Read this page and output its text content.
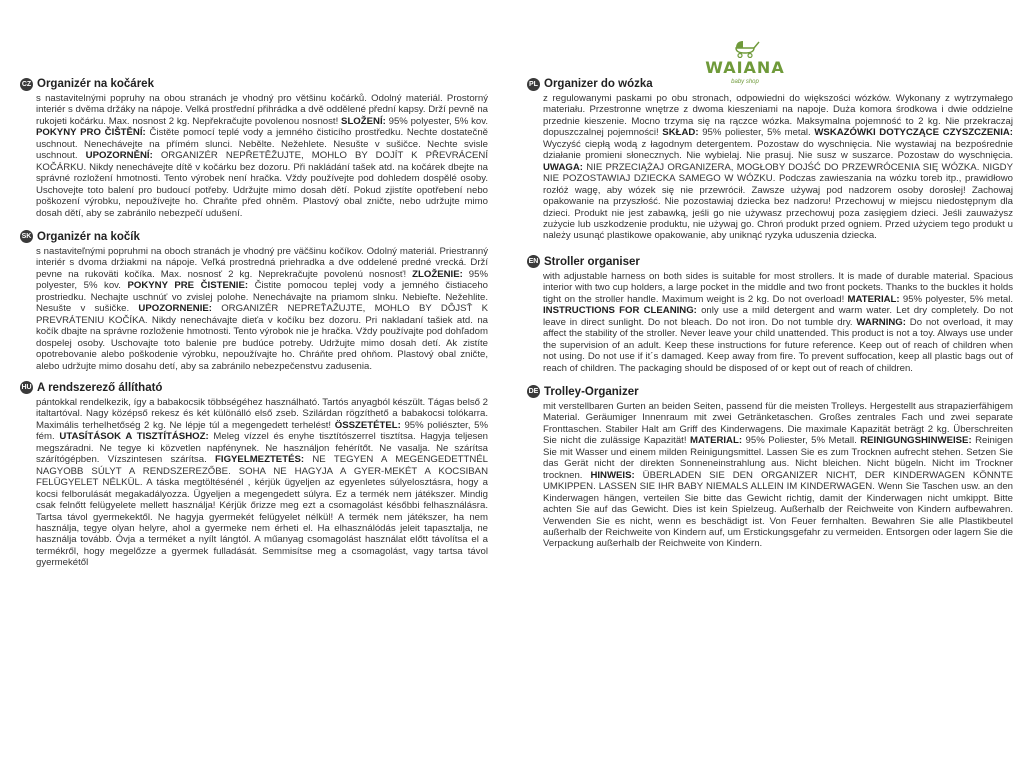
WAIANA
baby shop
CZ Organizér na kočárek
s nastavitelnými popruhy na obou stranách je vhodný pro většinu kočárků. Odolný materiál. Prostorný interiér s dvěma držáky na nápoje. Velká prostřední přihrádka a dvě oddělené přední kapsy. Drží pevně na rukojeti kočárku. Max. nosnost 2 kg. Nepřekračujte povolenou nosnost! SLOŽENÍ: 95% polyester, 5% kov. POKYNY PRO ČIŠTĚNÍ: Čistěte pomocí teplé vody a jemného čisticího prostředku. Nechte dostatečně uschnout. Nenechávejte na přímém slunci. Nebělte. Nežehlete. Nesušte v sušičce. Nechte svisle uschnout. UPOZORNĚNÍ: ORGANIZÉR NEPŘETĚŽUJTE, MOHLO BY DOJÍT K PŘEVRÁCENÍ KOČÁRKU. Nikdy nenechávejte dítě v kočárku bez dozoru. Při nakládání tašek atd. na kočárek dbejte na správné rozložení hmotnosti. Tento výrobek není hračka. Vždy používejte pod dohledem dospělé osoby. Uschovejte toto balení pro budoucí potřeby. Udržujte mimo dosah dětí. Pokud zjistíte opotřebení nebo poškození výrobku, nepoužívejte ho. Chraňte před ohněm. Plastový obal zničte, nebo udržujte mimo dosah dětí, aby se zabránilo nebezpečí udušení.
SK Organizér na kočík
s nastaviteľnými popruhmi na oboch stranách je vhodný pre väčšinu kočíkov. Odolný materiál. Priestranný interiér s dvoma držiakmi na nápoje. Veľká prostredná priehradka a dve oddelené predné vrecká. Drží pevne na rukoväti kočíka. Max. nosnosť 2 kg. Neprekračujte povolenú nosnosť! ZLOŽENIE: 95% polyester, 5% kov. POKYNY PRE ČISTENIE: Čistite pomocou teplej vody a jemného čistiaceho prostriedku. Nechajte uschnúť vo zvislej polohe. Nenechávajte na priamom slnku. Nebieľte. Nežehlite. Nesušte v sušičke. UPOZORNENIE: ORGANIZÉR NEPREŤAŽUJTE, MOHLO BY DÔJSŤ K PREVRÁTENIU KOČÍKA. Nikdy nenechávajte dieťa v kočíku bez dozoru. Pri nakladaní tašiek atd. na kočík dbajte na správne rozloženie hmotnosti. Tento výrobok nie je hračka. Vždy používajte pod dohľadom dospelej osoby. Uschovajte toto balenie pre budúce potreby. Udržujte mimo dosah detí. Ak zistíte opotrebovanie alebo poškodenie výrobku, nepoužívajte ho. Chráňte pred ohňom. Plastový obal zničte, alebo udržujte mimo dosahu detí, aby sa zabránilo nebezpečenstvu zadusenia.
HU A rendszerező állítható
pántokkal rendelkezik, így a babakocsik többségéhez használható. Tartós anyagból készült. Tágas belső 2 italtartóval. Nagy középső rekesz és két különálló első zseb. Szilárdan rögzíthető a babakocsi tolókarra. Maximális terhelhetőség 2 kg. Ne lépje túl a megengedett terhelést! ÖSSZETÉTEL: 95% poliészter, 5% fém. UTASÍTÁSOK A TISZTÍTÁSHOZ: Meleg vízzel és enyhe tisztítószerrel tisztítsa. Hagyja teljesen megszáradni. Ne tegye ki közvetlen napfénynek. Ne használjon fehérítőt. Ne vasalja. Ne szárítsa szárítógépben. Vízszintesen szárítsa. FIGYELMEZTETÉS: NE TEGYEN A MEGENGEDETTNÉL NAGYOBB SÚLYT A RENDSZEREZŐBE. SOHA NE HAGYJA A GYER-MEKÉT A KOCSIBAN FELÜGYELET NÉLKÜL. A táska megtöltésénél , kérjük ügyeljen az egyenletes súlyelosztásra, hogy a kocsi felborulását megakadályozza. Ügyeljen a megengedett súlyra. Ez a termék nem játékszer. Mindig csak felnőtt felügyelete mellett használja! Kérjük őrizze meg ezt a csomagolást későbbi felhasználásra. Tartsa távol gyermekektől. Ne hagyja gyermekét felügyelet nélkül! A termék nem játékszer, ha nem használja, tegye olyan helyre, ahol a gyermeke nem érheti el. Ha elhasználódás jeleit tapasztalja, ne használja tovább. Óvja a terméket a nyílt lángtól. A műanyag csomagolást használat előtt távolítsa el a termékről, hogy megelőzze a gyermek fulladását. Semmisítse meg a csomagolást, vagy tartsa távol gyermekétől
PL Organizer do wózka
z regulowanymi paskami po obu stronach, odpowiedni do większości wózków. Wykonany z wytrzymałego materiału. Przestronne wnętrze z dwoma kieszeniami na napoje. Duża komora środkowa i dwie oddzielne przednie kieszenie. Mocno trzyma się na rączce wózka. Maksymalna pojemność to 2 kg. Nie przekraczaj dopuszczalnej pojemności! SKŁAD: 95% poliester, 5% metal. WSKAZÓWKI DOTYCZĄCE CZYSZCZENIA: Wyczyść ciepłą wodą z łagodnym detergentem. Pozostaw do wyschnięcia. Nie wystawiaj na bezpośrednie działanie promieni słonecznych. Nie wybielaj. Nie prasuj. Nie susz w suszarce. Pozostaw do wyschnięcia. UWAGA: NIE PRZECIĄŻAJ ORGANIZERA, MOGŁOBY DOJŚĆ DO PRZEWRÓCENIA SIĘ WÓZKA. NIGDY NIE POZOSTAWIAJ DZIECKA SAMEGO W WÓZKU. Podczas zawieszania na wózku toreb itp., prawidłowo rozłóż wagę, aby wózek się nie przewrócił. Zawsze używaj pod nadzorem osoby dorosłej! Zachowaj opakowanie na przyszłość. Nie pozostawiaj dziecka bez nadzoru! Przechowuj w miejscu niedostępnym dla dzieci. Produkt nie jest zabawką, jeśli go nie używasz przechowuj poza zasięgiem dzieci. Jeśli zauważysz zużycie lub uszkodzenie produktu, nie używaj go. Chroń produkt przed ogniem. Przed użyciem tego produkt u należy usunąć plastikowe opakowanie, aby uniknąć ryzyka uduszenia dziecka.
EN Stroller organiser
with adjustable harness on both sides is suitable for most strollers. It is made of durable material. Spacious interior with two cup holders, a large pocket in the middle and two front pockets. Thanks to the buckles it holds tight on the stroller handle. Maximum weight is 2 kg. Do not overload! MATERIAL: 95% polyester, 5% metal. INSTRUCTIONS FOR CLEANING: only use a mild detergent and warm water. Let dry completely. Do not leave in direct sunlight. Do not bleach. Do not iron. Do not tumble dry. WARNING: Do not overload, it may affect the stability of the stroller. Never leave your child unattended. This product is not a toy. Always use under the supervision of an adult. Keep these instructions for future reference. Keep out of reach of children when not using. Do not use if it´s damaged. Keep away from fire. To prevent suffocation, keep all plastic bags out of reach of children. The packaging should be disposed of or kept out of reach of children.
DE Trolley-Organizer
mit verstellbaren Gurten an beiden Seiten, passend für die meisten Trolleys. Hergestellt aus strapazierfähigem Material. Geräumiger Innenraum mit zwei Getränketaschen. Großes zentrales Fach und zwei separate Fronttaschen. Stabiler Halt am Griff des Kinderwagens. Die maximale Kapazität beträgt 2 kg. Überschreiten Sie nicht die zulässige Kapazität! MATERIAL: 95% Poliester, 5% Metall. REINIGUNGSHINWEISE: Reinigen Sie mit Wasser und einem milden Reinigungsmittel. Lassen Sie es zum Trocknen aufrecht stehen. Setzen Sie das Gerät nicht der direkten Sonneneinstrahlung aus. Nicht bleichen. Nicht bügeln. Nicht im Trockner trocknen. HINWEIS: ÜBERLADEN SIE DEN ORGANIZER NICHT, DER KINDERWAGEN KÖNNTE UMKIPPEN. LASSEN SIE IHR BABY NIEMALS ALLEIN IM KINDERWAGEN. Wenn Sie Taschen usw. an den Kinderwagen hängen, verteilen Sie bitte das Gewicht richtig, damit der Kinderwagen nicht umkippt. Bitte achten Sie auf das Gewicht. Dies ist kein Spielzeug. Außerhalb der Reichweite von Kindern aufbewahren. Verwenden Sie es nicht, wenn es beschädigt ist. Von Feuer fernhalten. Bewahren Sie alle Plastikbeutel außerhalb der Reichweite von Kindern auf, um Erstickungsgefahr zu vermeiden. Entsorgen oder lagern Sie die Verpackung außerhalb der Reichweite von Kindern.
